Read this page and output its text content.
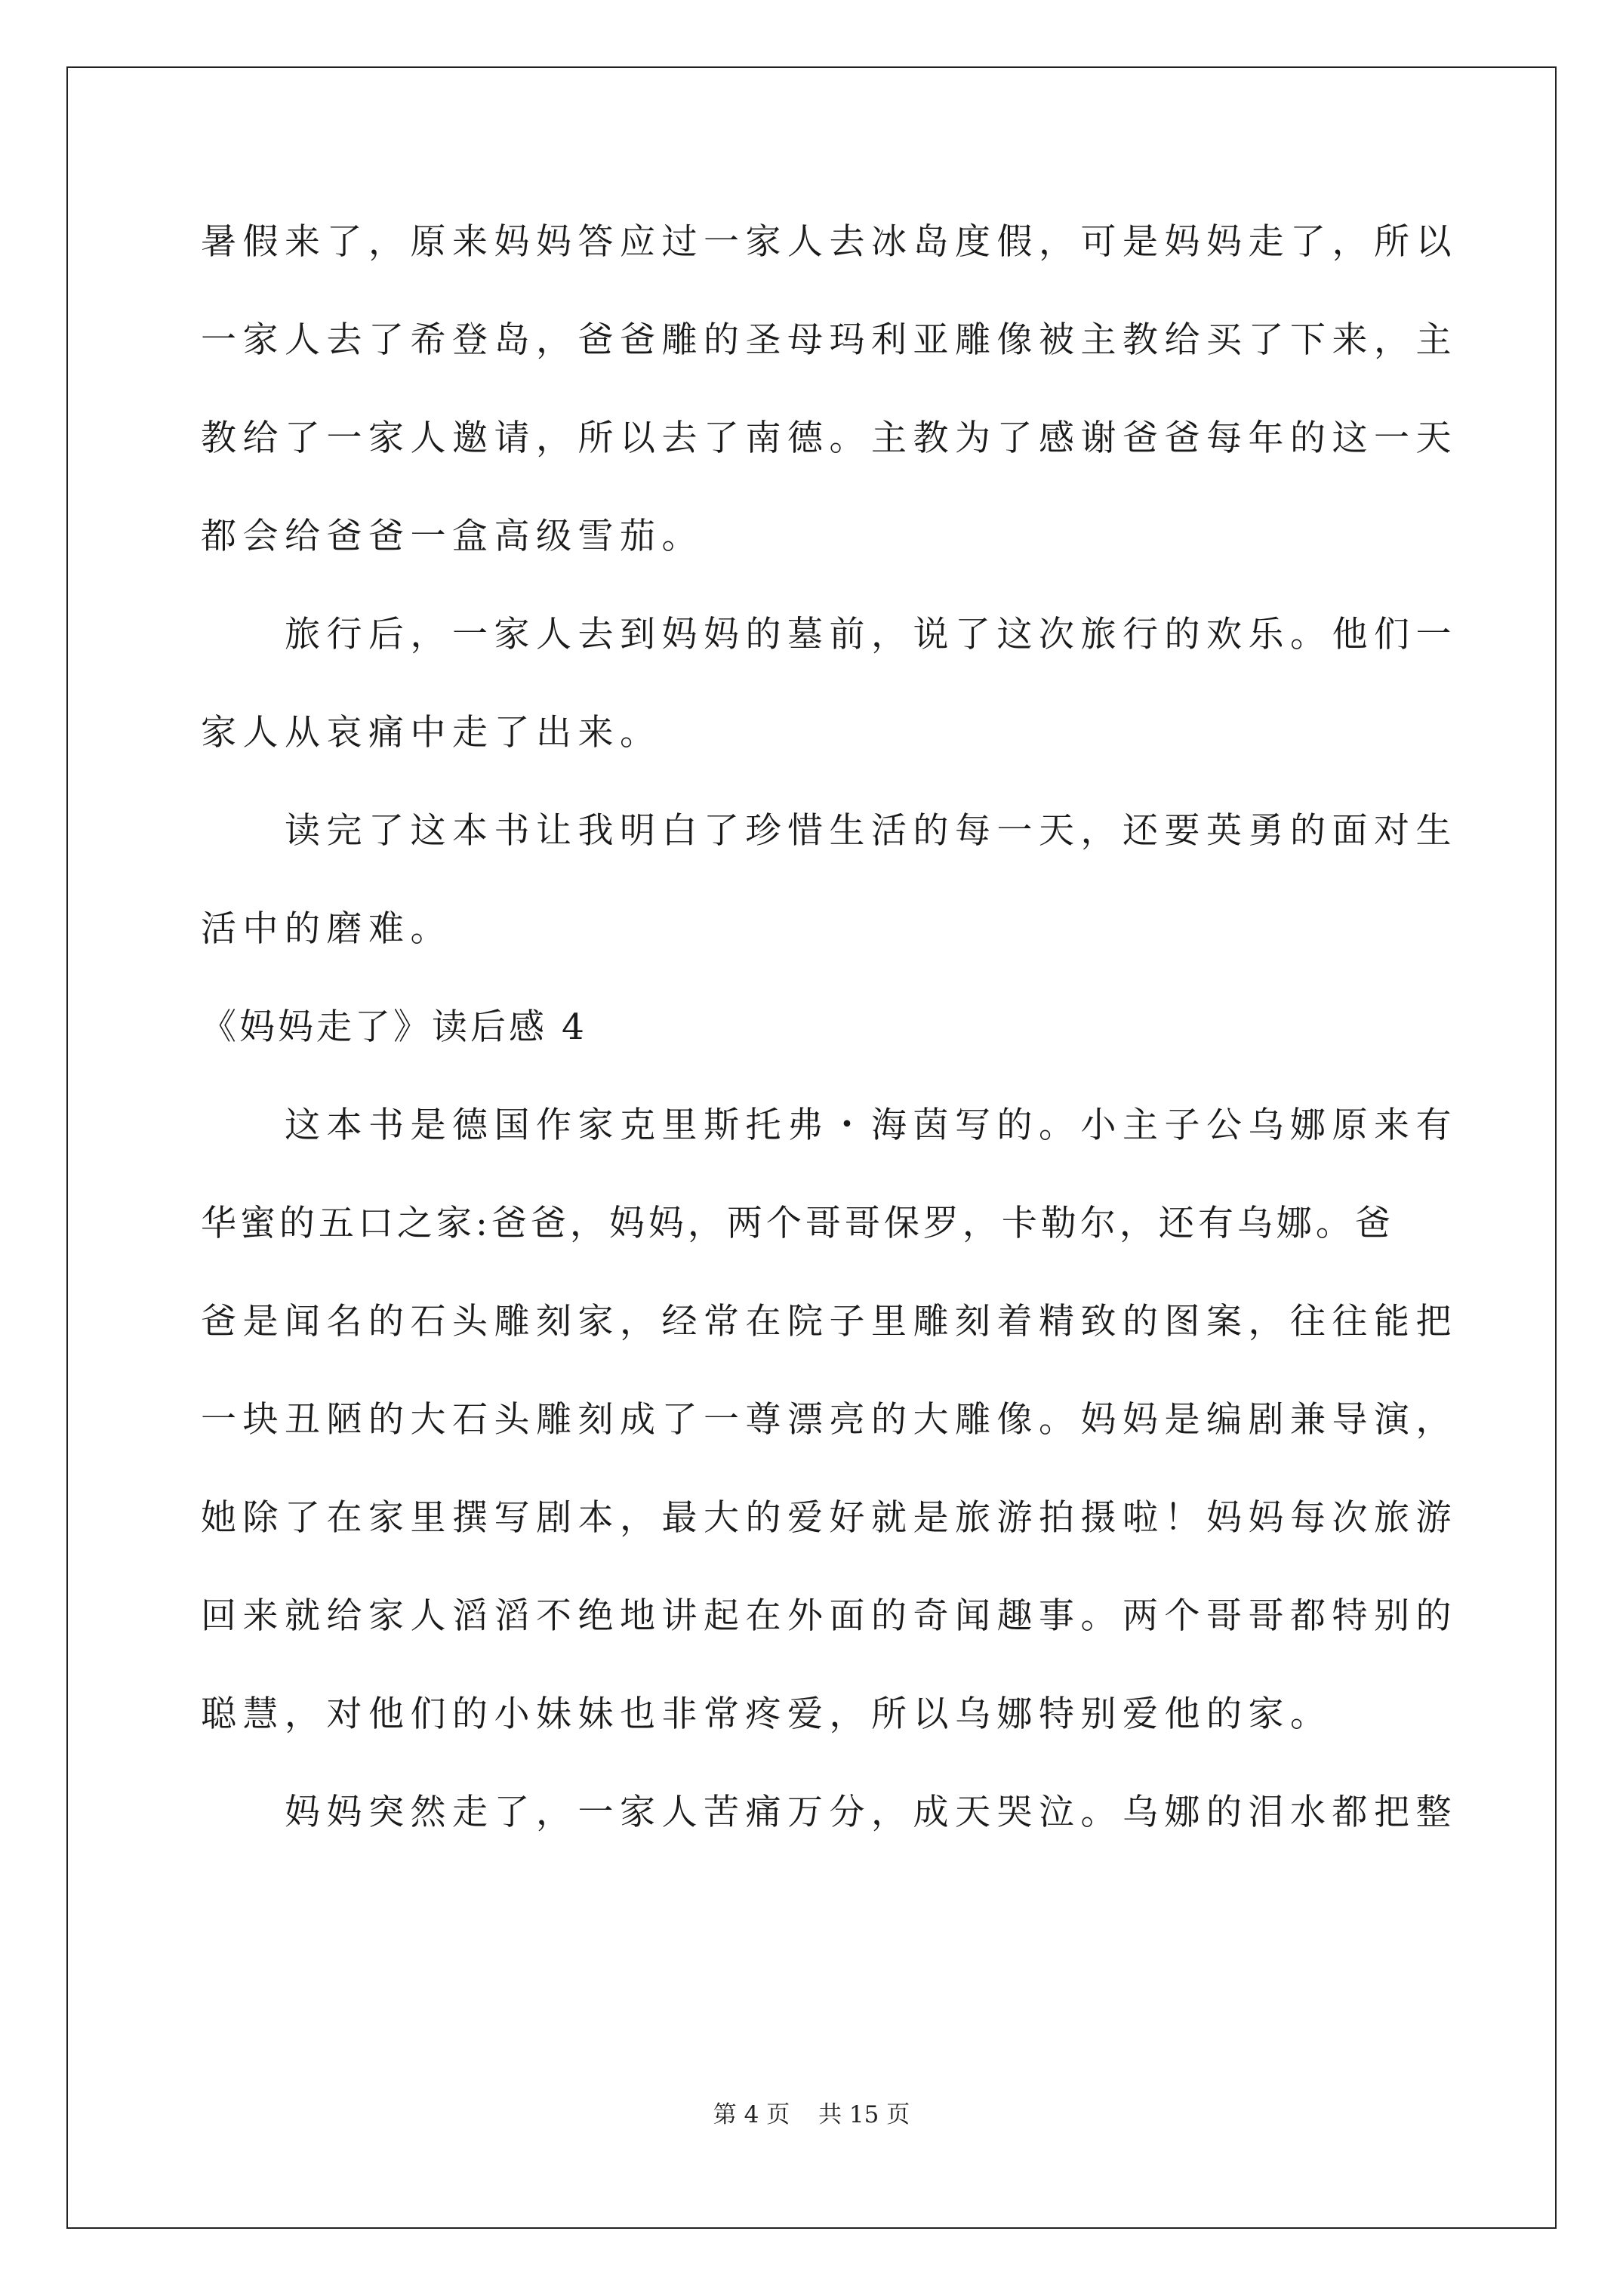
暑假来了，原来妈妈答应过一家人去冰岛度假，可是妈妈走了，所以
一家人去了希登岛，爸爸雕的圣母玛利亚雕像被主教给买了下来，主
教给了一家人邀请，所以去了南德。主教为了感谢爸爸每年的这一天
都会给爸爸一盒高级雪茄。
　　旅行后，一家人去到妈妈的墓前，说了这次旅行的欢乐。他们一
家人从哀痛中走了出来。
　　读完了这本书让我明白了珍惜生活的每一天，还要英勇的面对生
活中的磨难。
《妈妈走了》读后感 4
　　这本书是德国作家克里斯托弗・海茵写的。小主子公乌娜原来有
华蜜的五口之家:爸爸，妈妈，两个哥哥保罗，卡勒尔，还有乌娜。爸
爸是闻名的石头雕刻家，经常在院子里雕刻着精致的图案，往往能把
一块丑陋的大石头雕刻成了一尊漂亮的大雕像。妈妈是编剧兼导演，
她除了在家里撰写剧本，最大的爱好就是旅游拍摄啦！妈妈每次旅游
回来就给家人滔滔不绝地讲起在外面的奇闻趣事。两个哥哥都特别的
聪慧，对他们的小妹妹也非常疼爱，所以乌娜特别爱他的家。
　　妈妈突然走了，一家人苦痛万分，成天哭泣。乌娜的泪水都把整
第 4 页 共 15 页
